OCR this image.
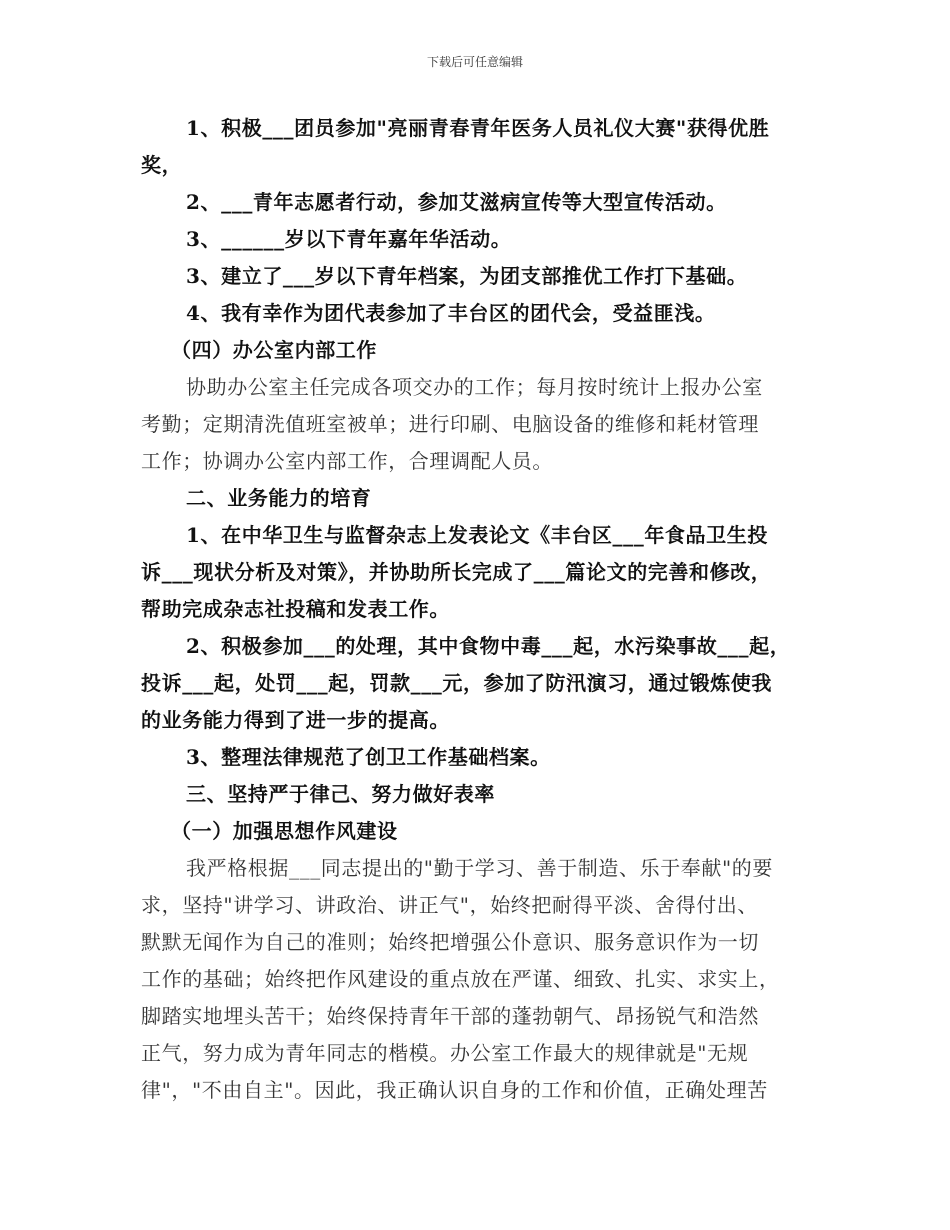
下载后可任意编辑
1、积极___团员参加"亮丽青春青年医务人员礼仪大赛"获得优胜
奖，
2、___青年志愿者行动，参加艾滋病宣传等大型宣传活动。
3、______岁以下青年嘉年华活动。
3、建立了___岁以下青年档案，为团支部推优工作打下基础。
4、我有幸作为团代表参加了丰台区的团代会，受益匪浅。
（四）办公室内部工作
协助办公室主任完成各项交办的工作；每月按时统计上报办公室
考勤；定期清洗值班室被单；进行印刷、电脑设备的维修和耗材管理
工作；协调办公室内部工作，合理调配人员。
二、业务能力的培育
1、在中华卫生与监督杂志上发表论文《丰台区___年食品卫生投
诉___现状分析及对策》，并协助所长完成了___篇论文的完善和修改，
帮助完成杂志社投稿和发表工作。
2、积极参加___的处理，其中食物中毒___起，水污染事故___起，
投诉___起，处罚___起，罚款___元，参加了防汛演习，通过锻炼使我
的业务能力得到了进一步的提高。
3、整理法律规范了创卫工作基础档案。
三、坚持严于律己、努力做好表率
（一）加强思想作风建设
我严格根据___同志提出的"勤于学习、善于制造、乐于奉献"的要
求，坚持"讲学习、讲政治、讲正气"，始终把耐得平淡、舍得付出、
默默无闻作为自己的准则；始终把增强公仆意识、服务意识作为一切
工作的基础；始终把作风建设的重点放在严谨、细致、扎实、求实上，
脚踏实地埋头苦干；始终保持青年干部的蓬勃朝气、昂扬锐气和浩然
正气，努力成为青年同志的楷模。办公室工作最大的规律就是"无规
律"，"不由自主"。因此，我正确认识自身的工作和价值，正确处理苦
